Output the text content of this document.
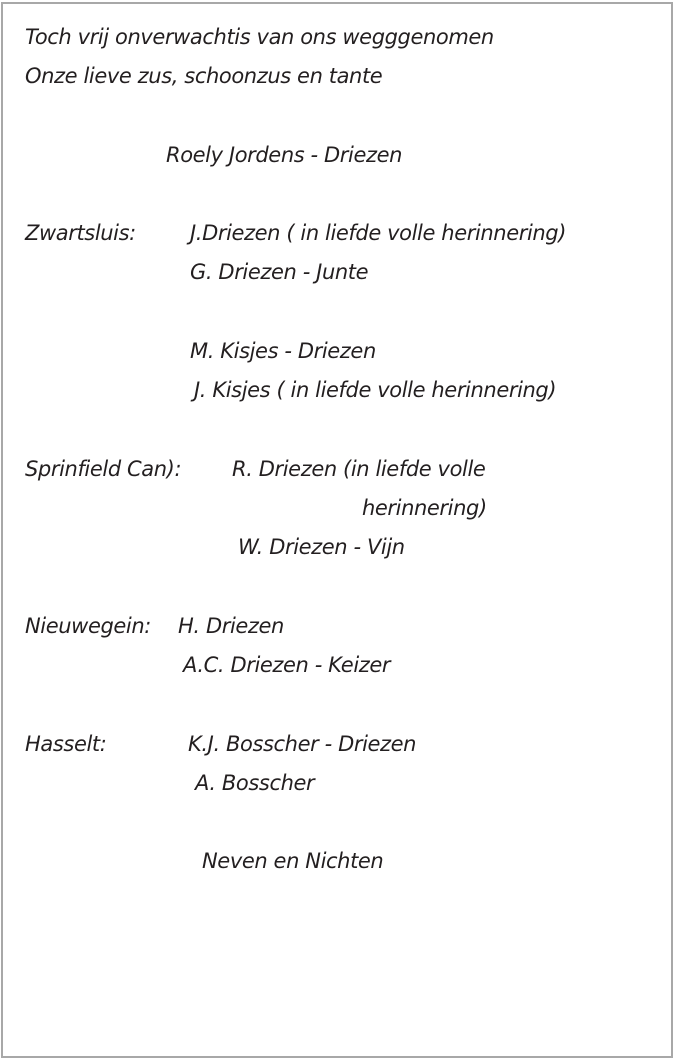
Toch vrij onverwachtis van ons wegggenomen

Onze lieve zus, schoonzus en tante

Roely Jordens - Driezen

Zwartsluis:	J.Driezen ( in liefde volle herinnering)

G. Driezen - Junte

M. Kisjes - Driezen

J. Kisjes ( in liefde volle herinnering)

Sprinfield Can): R. Driezen (in liefde volle

herinnering)

W. Driezen - Vijn

Nieuwegein: H. Driezen

A.C. Driezen - Keizer

Hasselt:	K.J. Bosscher - Driezen

A. Bosscher

Neven en Nichten
